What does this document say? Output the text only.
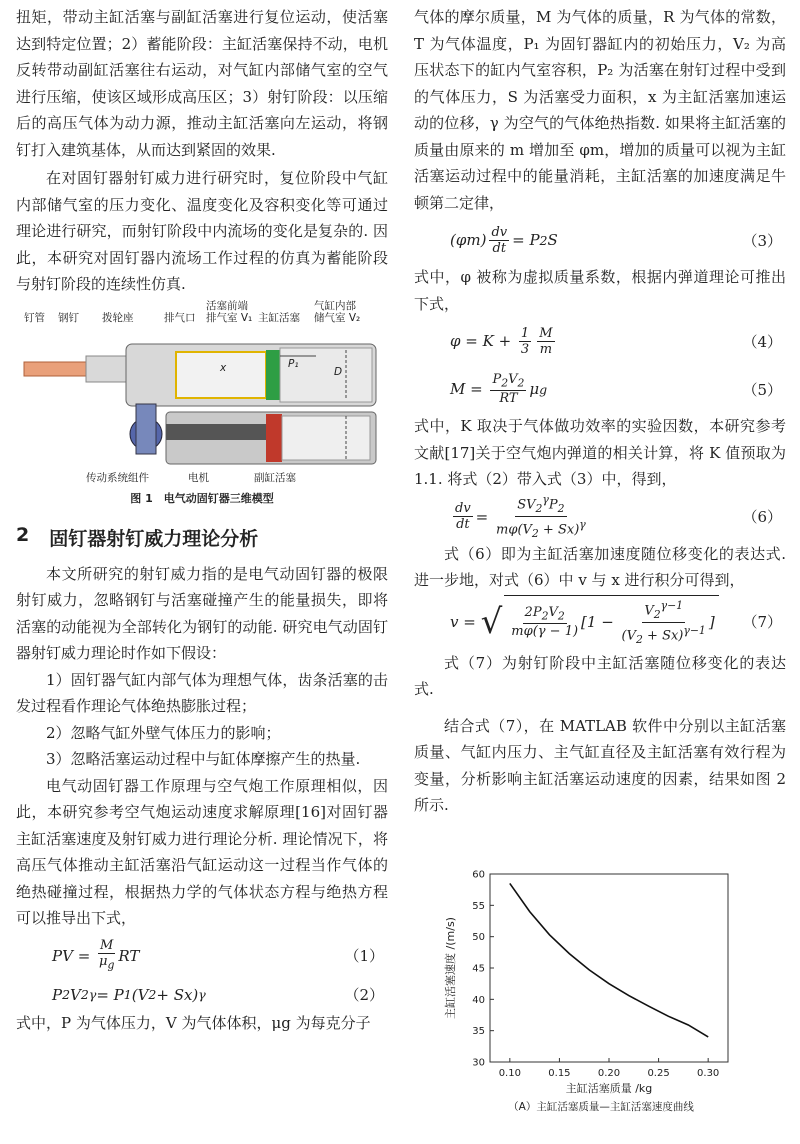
扭矩，带动主缸活塞与副缸活塞进行复位运动，使活塞达到特定位置；2）蓄能阶段：主缸活塞保持不动，电机反转带动副缸活塞往右运动，对气缸内部储气室的空气进行压缩，使该区域形成高压区；3）射钉阶段：以压缩后的高压气体为动力源，推动主缸活塞向左运动，将钢钉打入建筑基体，从而达到紧固的效果.

在对固钉器射钉威力进行研究时，复位阶段中气缸内部储气室的压力变化、温度变化及容积变化等可通过理论进行研究，而射钉阶段中内流场的变化是复杂的. 因此，本研究对固钉器内流场工作过程的仿真为蓄能阶段与射钉阶段的连续性仿真.

钉管 钢钉 拨轮座	排气口
活塞前端
排气室 V₁ 主缸活塞
气缸内部
储气室 V₂
P₁
x	D
传动系统组件	电机	副缸活塞
图 1　电气动固钉器三维模型
2 固钉器射钉威力理论分析

本文所研究的射钉威力指的是电气动固钉器的极限射钉威力，忽略钢钉与活塞碰撞产生的能量损失，即将活塞的动能视为全部转化为钢钉的动能. 研究电气动固钉器射钉威力理论时作如下假设：

1）固钉器气缸内部气体为理想气体，齿条活塞的击发过程看作理论气体绝热膨胀过程；

2）忽略气缸外壁气体压力的影响；

3）忽略活塞运动过程中与缸体摩擦产生的热量.

电气动固钉器工作原理与空气炮工作原理相似，因此，本研究参考空气炮运动速度求解原理[16]对固钉器主缸活塞速度及射钉威力进行理论分析. 理论情况下，将高压气体推动主缸活塞沿气缸运动这一过程当作气体的绝热碰撞过程，根据热力学的气体状态方程与绝热方程可以推导出下式，

PV = $\frac{M}{\mu_g}$ RT	（1）
P 2 V 2 γ = P 1 (V 2 + Sx) γ	（2）

式中，P 为气体压力，V 为气体体积，μg 为每克分子

气体的摩尔质量，M 为气体的质量，R 为气体的常数，T 为气体温度，P₁ 为固钉器缸内的初始压力，V₂ 为高压状态下的缸内气室容积，P₂ 为活塞在射钉过程中受到的气体压力，S 为活塞受力面积，x 为主缸活塞加速运动的位移，γ 为空气的气体绝热指数. 如果将主缸活塞的质量由原来的 m 增加至 φm，增加的质量可以视为主缸活塞运动过程中的能量消耗，主缸活塞的加速度满足牛顿第二定律，

$(\varphi m) \frac{dv}{dt} = P$ 2 S	（3）

式中，φ 被称为虚拟质量系数，根据内弹道理论可推出下式，

$\varphi = K + \frac{1}{3} \frac{M}{m}$	（4）
$M = \frac{P_2V_2}{RT}$ μ g	（5）

式中，K 取决于气体做功效率的实验因数，本研究参考文献[17]关于空气炮内弹道的相关计算，将 K 值预取为 1.1. 将式（2）带入式（3）中，得到，

$\frac{dv}{dt} = \frac{SV_2^\gamma P_2}{m\varphi(V_2 + Sx)^\gamma}$	（6）

式（6）即为主缸活塞加速度随位移变化的表达式. 进一步地，对式（6）中 v 与 x 进行积分可得到，

v = √ $\frac{2P_2V_2}{m\varphi(\gamma - 1)} [1 - \frac{V_2^{\gamma-1}}{(V_2 + Sx)^{\gamma-1}}$ ] （7）

式（7）为射钉阶段中主缸活塞随位移变化的表达式.

结合式（7），在 MATLAB 软件中分别以主缸活塞质量、气缸内压力、主气缸直径及主缸活塞有效行程为变量，分析影响主缸活塞运动速度的因素，结果如图 2 所示.

0.10	0.15	0.20	0.25	0.30
30
35
40
45
50
55
60
主缸活塞质量 /kg
主缸活塞速度 /(m/s)
（A）主缸活塞质量—主缸活塞速度曲线
